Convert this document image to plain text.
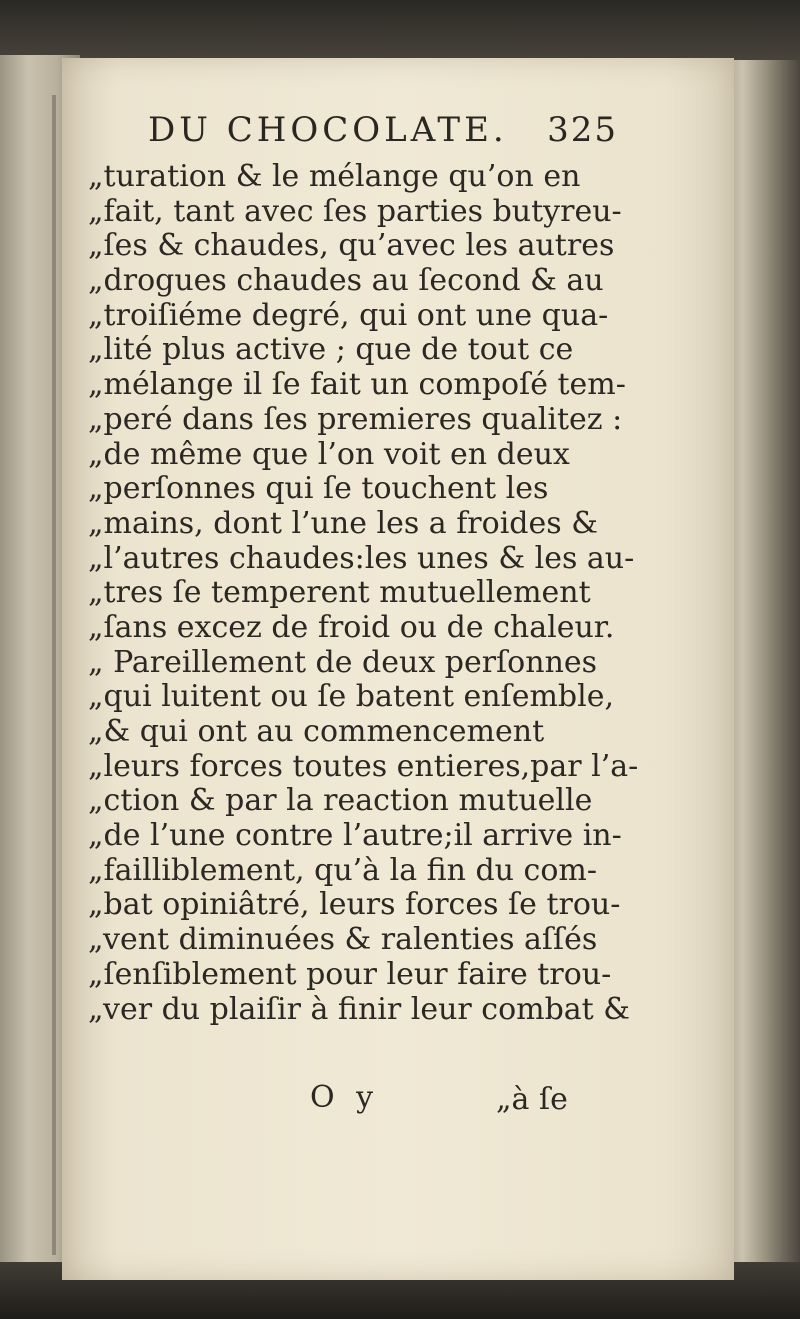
DU CHOCOLATE. 325
„turation & le mélange qu’on en
„fait, tant avec ſes parties butyreu-
„ſes & chaudes, qu’avec les autres
„drogues chaudes au ſecond & au
„troiſiéme degré, qui ont une qua-
„lité plus active ; que de tout ce
„mélange il ſe fait un compoſé tem-
„peré dans ſes premieres qualitez :
„de même que l’on voit en deux
„perſonnes qui ſe touchent les
„mains, dont l’une les a froides &
„l’autres chaudes:les unes & les au-
„tres ſe temperent mutuellement
„ſans excez de froid ou de chaleur.
„ Pareillement de deux perſonnes
„qui luitent ou ſe batent enſemble,
„& qui ont au commencement
„leurs forces toutes entieres,par l’a-
„ction & par la reaction mutuelle
„de l’une contre l’autre;il arrive in-
„failliblement, qu’à la fin du com-
„bat opiniâtré, leurs forces ſe trou-
„vent diminuées & ralenties aſſés
„ſenſiblement pour leur faire trou-
„ver du plaiſir à finir leur combat &
O y	„à ſe
